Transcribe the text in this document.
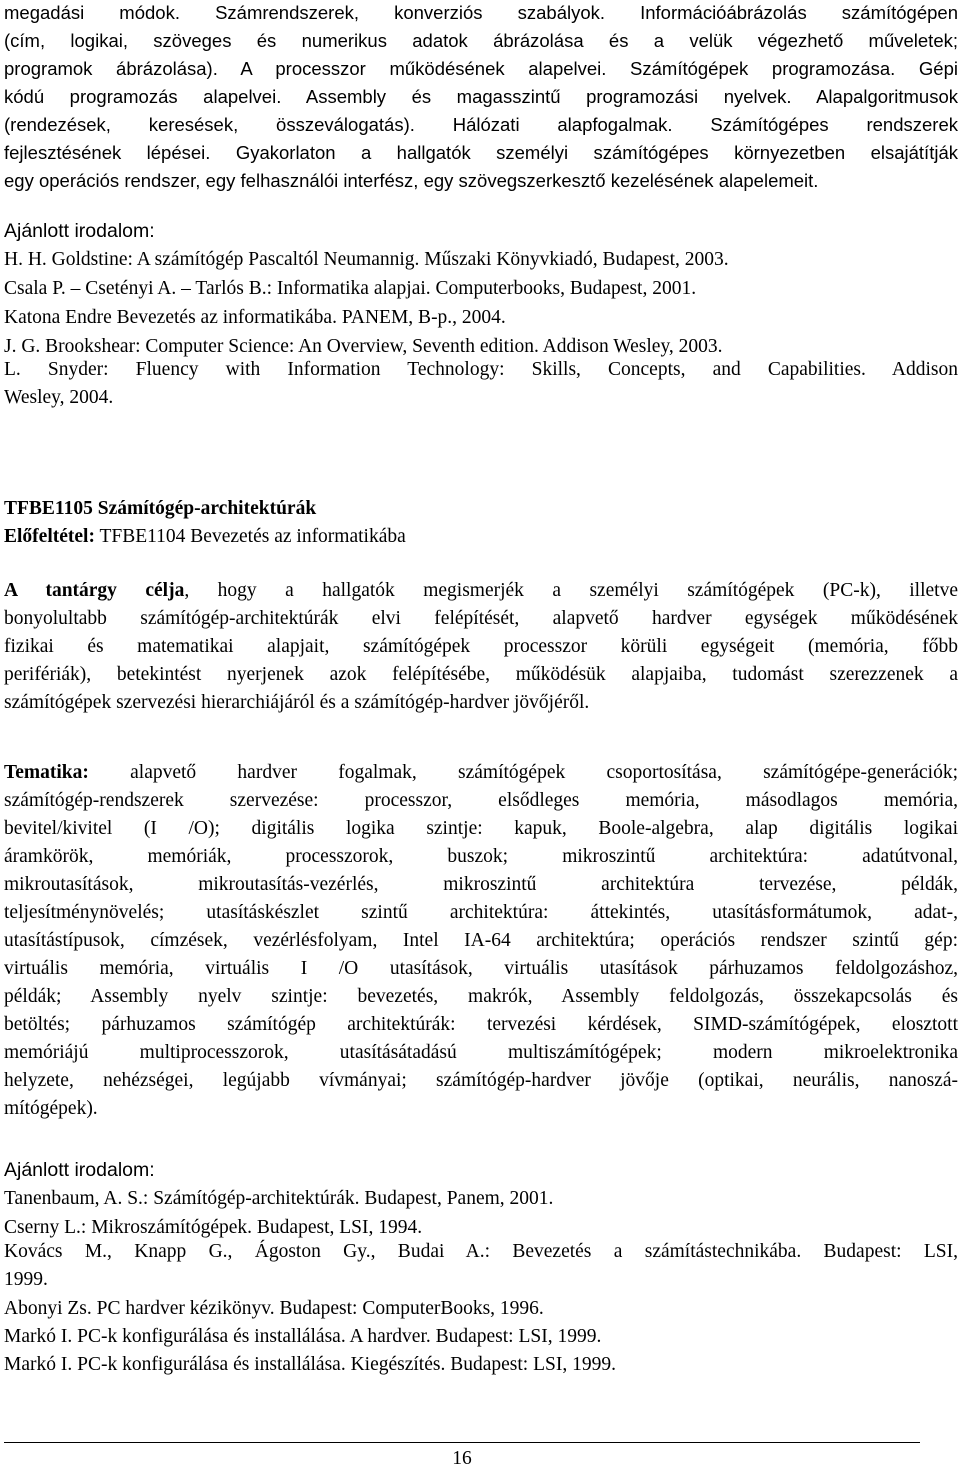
megadási módok. Számrendszerek, konverziós szabályok. Információábrázolás számítógépen
(cím, logikai, szöveges és numerikus adatok ábrázolása és a velük végezhető műveletek;
programok ábrázolása). A processzor működésének alapelvei. Számítógépek programozása. Gépi
kódú programozás alapelvei. Assembly és magasszintű programozási nyelvek. Alapalgoritmusok
(rendezések, keresések, összeválogatás). Hálózati alapfogalmak. Számítógépes rendszerek
fejlesztésének lépései. Gyakorlaton a hallgatók személyi számítógépes környezetben elsajátítják
egy operációs rendszer, egy felhasználói interfész, egy szövegszerkesztő kezelésének alapelemeit.
Ajánlott irodalom:
H. H. Goldstine: A számítógép Pascaltól Neumannig. Műszaki Könyvkiadó, Budapest, 2003.
Csala P. – Csetényi A. – Tarlós B.: Informatika alapjai. Computerbooks, Budapest, 2001.
Katona Endre Bevezetés az informatikába. PANEM, B-p., 2004.
J. G. Brookshear: Computer Science: An Overview, Seventh edition. Addison Wesley, 2003.
L. Snyder: Fluency with Information Technology: Skills, Concepts, and Capabilities. Addison
Wesley, 2004.
TFBE1105 Számítógép-architektúrák
Előfeltétel: TFBE1104 Bevezetés az informatikába
A tantárgy célja, hogy a hallgatók megismerjék a személyi számítógépek (PC-k), illetve
bonyolultabb számítógép-architektúrák elvi felépítését, alapvető hardver egységek működésének
fizikai és matematikai alapjait, számítógépek processzor körüli egységeit (memória, főbb
perifériák), betekintést nyerjenek azok felépítésébe, működésük alapjaiba, tudomást szerezzenek a
számítógépek szervezési hierarchiájáról és a számítógép-hardver jövőjéről.
Tematika: alapvető hardver fogalmak, számítógépek csoportosítása, számítógépe-generációk;
számítógép-rendszerek szervezése: processzor, elsődleges memória, másodlagos memória,
bevitel/kivitel (I /O); digitális logika szintje: kapuk, Boole-algebra, alap digitális logikai
áramkörök, memóriák, processzorok, buszok; mikroszintű architektúra: adatútvonal,
mikroutasítások, mikroutasítás-vezérlés, mikroszintű architektúra tervezése, példák,
teljesítménynövelés; utasításkészlet szintű architektúra: áttekintés, utasításformátumok, adat-,
utasítástípusok, címzések, vezérlésfolyam, Intel IA-64 architektúra; operációs rendszer szintű gép:
virtuális memória, virtuális I /O utasítások, virtuális utasítások párhuzamos feldolgozáshoz,
példák; Assembly nyelv szintje: bevezetés, makrók, Assembly feldolgozás, összekapcsolás és
betöltés; párhuzamos számítógép architektúrák: tervezési kérdések, SIMD-számítógépek, elosztott
memóriájú multiprocesszorok, utasításátadású multiszámítógépek; modern mikroelektronika
helyzete, nehézségei, legújabb vívmányai; számítógép-hardver jövője (optikai, neurális, nanoszá-
mítógépek).
Ajánlott irodalom:
Tanenbaum, A. S.: Számítógép-architektúrák. Budapest, Panem, 2001.
Cserny L.: Mikroszámítógépek. Budapest, LSI, 1994.
Kovács M., Knapp G., Ágoston Gy., Budai A.: Bevezetés a számítástechnikába. Budapest: LSI,
1999.
Abonyi Zs. PC hardver kézikönyv. Budapest: ComputerBooks, 1996.
Markó I. PC-k konfigurálása és installálása. A hardver. Budapest: LSI, 1999.
Markó I. PC-k konfigurálása és installálása. Kiegészítés. Budapest: LSI, 1999.
16
